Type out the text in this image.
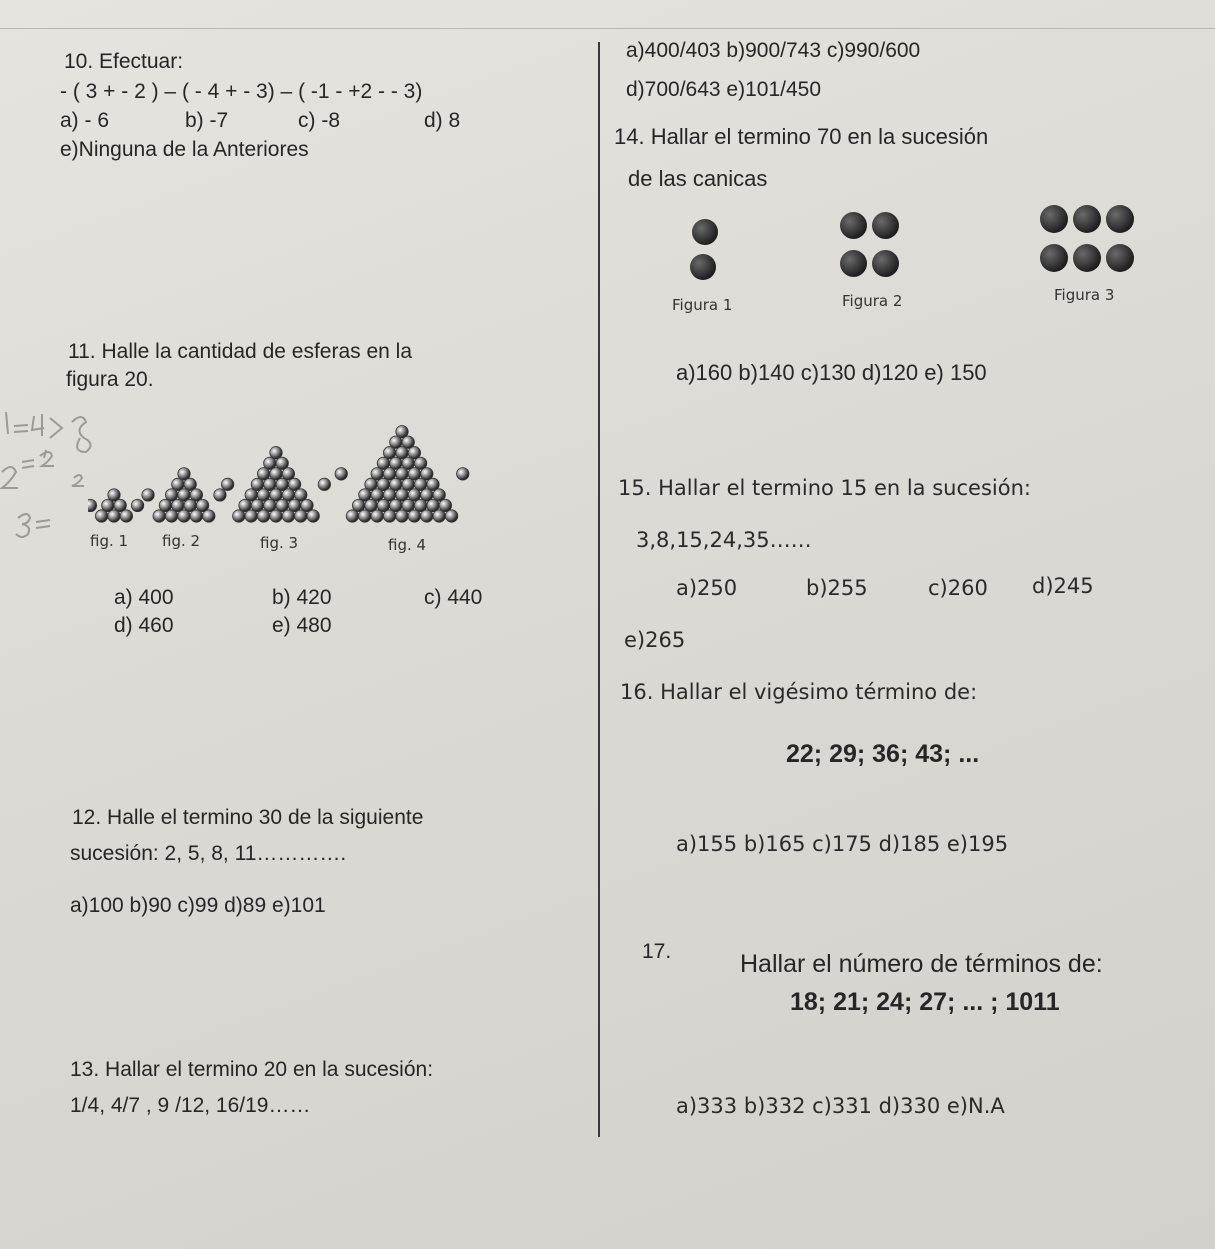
10. Efectuar:
- ( 3 + - 2 ) – ( - 4 + - 3) – ( -1 - +2 - - 3)
a) - 6	b) -7	c) -8	d) 8
e)Ninguna de la Anteriores
11. Halle la cantidad de esferas en la
figura 20.
fig. 1 fig. 2	fig. 3	fig. 4
a) 400	b) 420	c) 440
d) 460	e) 480
12. Halle el termino 30 de la siguiente
sucesión: 2, 5, 8, 11………….
a)100 b)90 c)99 d)89 e)101
13. Hallar el termino 20 en la sucesión:
1/4, 4/7 , 9 /12, 16/19……
a)400/403 b)900/743 c)990/600
d)700/643 e)101/450
14. Hallar el termino 70 en la sucesión
de las canicas
Figura 1	Figura 2	Figura 3
a)160 b)140 c)130 d)120 e) 150
15. Hallar el termino 15 en la sucesión:
3,8,15,24,35……
a)250	b)255	c)260 d)245
e)265
16. Hallar el vigésimo término de:
22; 29; 36; 43; ...
a)155 b)165 c)175 d)185 e)195
17.	Hallar el número de términos de:
18; 21; 24; 27; ... ; 1011
a)333 b)332 c)331 d)330 e)N.A
